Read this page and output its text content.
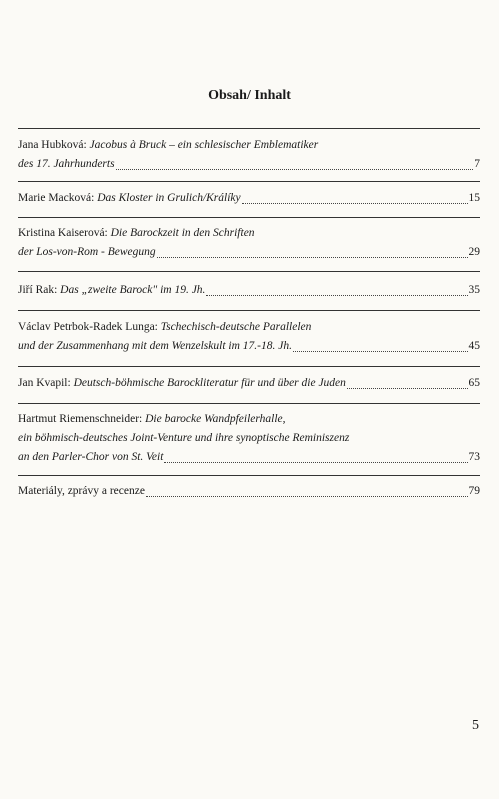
Obsah/ Inhalt
Jana Hubková:
Jacobus à Bruck – ein schlesischer Emblematiker
des 17. Jahrhunderts	7
Marie Macková:
Das Kloster in Grulich/Králíky	15
Kristina Kaiserová:
Die Barockzeit in den Schriften
der Los-von-Rom - Bewegung	29
Jiří Rak:
Das „zweite Barock" im 19. Jh.	35
Václav Petrbok-Radek Lunga:
Tschechisch-deutsche Parallelen
und der Zusammenhang mit dem Wenzelskult im 17.-18. Jh.	45
Jan Kvapil:
Deutsch-böhmische Barockliteratur für und über die Juden	65
Hartmut Riemenschneider:
Die barocke Wandpfeilerhalle,
ein böhmisch-deutsches Joint-Venture und ihre synoptische Reminiszenz
an den Parler-Chor von St. Veit	73
Materiály, zprávy a recenze	79
5
